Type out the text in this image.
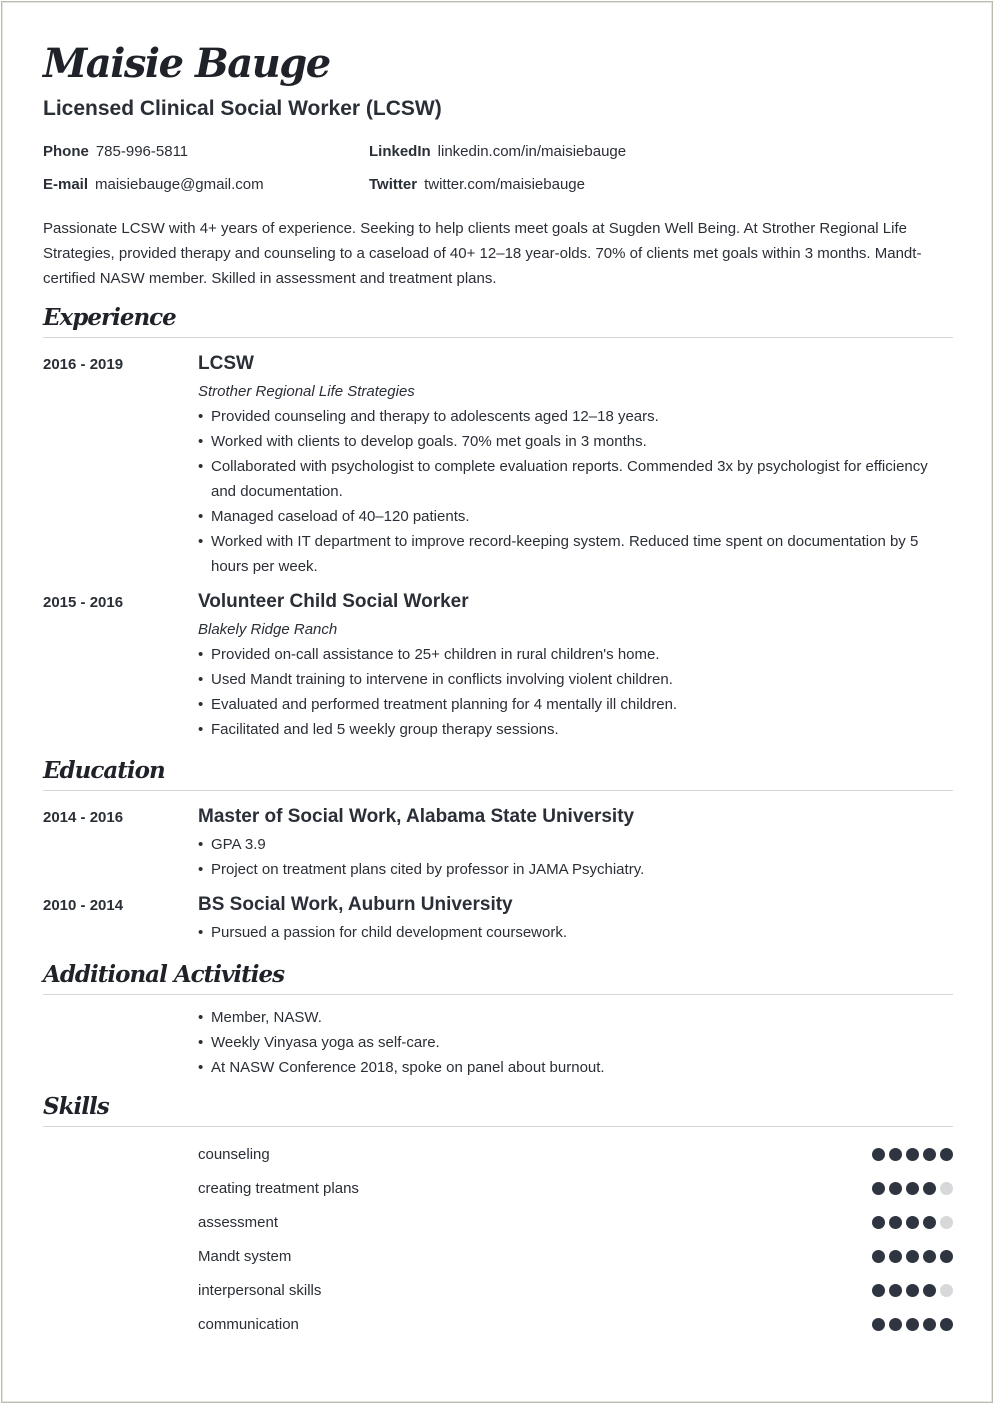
Maisie Bauge
Licensed Clinical Social Worker (LCSW)
Phone 785-996-5811	LinkedIn linkedin.com/in/maisiebauge
E-mail maisiebauge@gmail.com	Twitter twitter.com/maisiebauge
Passionate LCSW with 4+ years of experience. Seeking to help clients meet goals at Sugden Well Being. At Strother Regional Life Strategies, provided therapy and counseling to a caseload of 40+ 12–18 year-olds. 70% of clients met goals within 3 months. Mandt-certified NASW member. Skilled in assessment and treatment plans.
Experience
2016 - 2019	LCSW
Strother Regional Life Strategies
• Provided counseling and therapy to adolescents aged 12–18 years.
• Worked with clients to develop goals. 70% met goals in 3 months.
• Collaborated with psychologist to complete evaluation reports. Commended 3x by psychologist for efficiency and documentation.
• Managed caseload of 40–120 patients.
• Worked with IT department to improve record-keeping system. Reduced time spent on documentation by 5 hours per week.
2015 - 2016	Volunteer Child Social Worker
Blakely Ridge Ranch
• Provided on-call assistance to 25+ children in rural children's home.
• Used Mandt training to intervene in conflicts involving violent children.
• Evaluated and performed treatment planning for 4 mentally ill children.
• Facilitated and led 5 weekly group therapy sessions.
Education
2014 - 2016	Master of Social Work, Alabama State University
• GPA 3.9
• Project on treatment plans cited by professor in JAMA Psychiatry.
2010 - 2014	BS Social Work, Auburn University
• Pursued a passion for child development coursework.
Additional Activities
• Member, NASW.
• Weekly Vinyasa yoga as self-care.
• At NASW Conference 2018, spoke on panel about burnout.
Skills
counseling
creating treatment plans
assessment
Mandt system
interpersonal skills
communication
